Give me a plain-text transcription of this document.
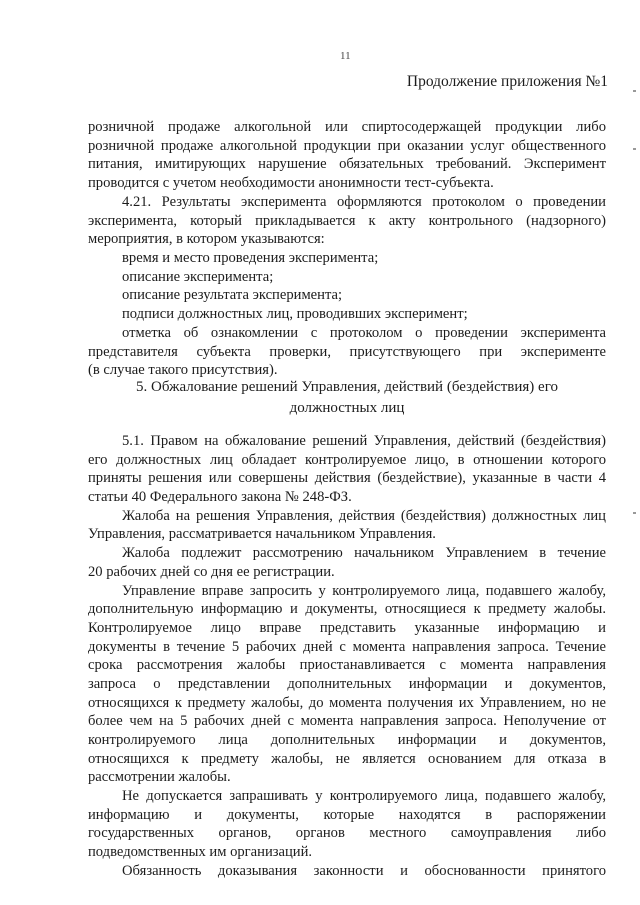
11
Продолжение приложения №1
розничной продаже алкогольной или спиртосодержащей продукции либо
розничной продаже алкогольной продукции при оказании услуг общественного
питания, имитирующих нарушение обязательных требований. Эксперимент
проводится с учетом необходимости анонимности тест-субъекта.
4.21. Результаты эксперимента оформляются протоколом о проведении
эксперимента, который прикладывается к акту контрольного (надзорного)
мероприятия, в котором указываются:
время и место проведения эксперимента;
описание эксперимента;
описание результата эксперимента;
подписи должностных лиц, проводивших эксперимент;
отметка об ознакомлении с протоколом о проведении эксперимента
представителя субъекта проверки, присутствующего при эксперименте
(в случае такого присутствия).
5. Обжалование решений Управления, действий (бездействия) его
должностных лиц
5.1. Правом на обжалование решений Управления, действий (бездействия)
его должностных лиц обладает контролируемое лицо, в отношении которого
приняты решения или совершены действия (бездействие), указанные в части 4
статьи 40 Федерального закона № 248-ФЗ.
Жалоба на решения Управления, действия (бездействия) должностных лиц
Управления, рассматривается начальником Управления.
Жалоба подлежит рассмотрению начальником Управлением в течение
20 рабочих дней со дня ее регистрации.
Управление вправе запросить у контролируемого лица, подавшего жалобу,
дополнительную информацию и документы, относящиеся к предмету жалобы.
Контролируемое лицо вправе представить указанные информацию и
документы в течение 5 рабочих дней с момента направления запроса. Течение
срока рассмотрения жалобы приостанавливается с момента направления
запроса о представлении дополнительных информации и документов,
относящихся к предмету жалобы, до момента получения их Управлением, но не
более чем на 5 рабочих дней с момента направления запроса. Неполучение от
контролируемого лица дополнительных информации и документов,
относящихся к предмету жалобы, не является основанием для отказа в
рассмотрении жалобы.
Не допускается запрашивать у контролируемого лица, подавшего жалобу,
информацию и документы, которые находятся в распоряжении
государственных органов, органов местного самоуправления либо
подведомственных им организаций.
Обязанность доказывания законности и обоснованности принятого
